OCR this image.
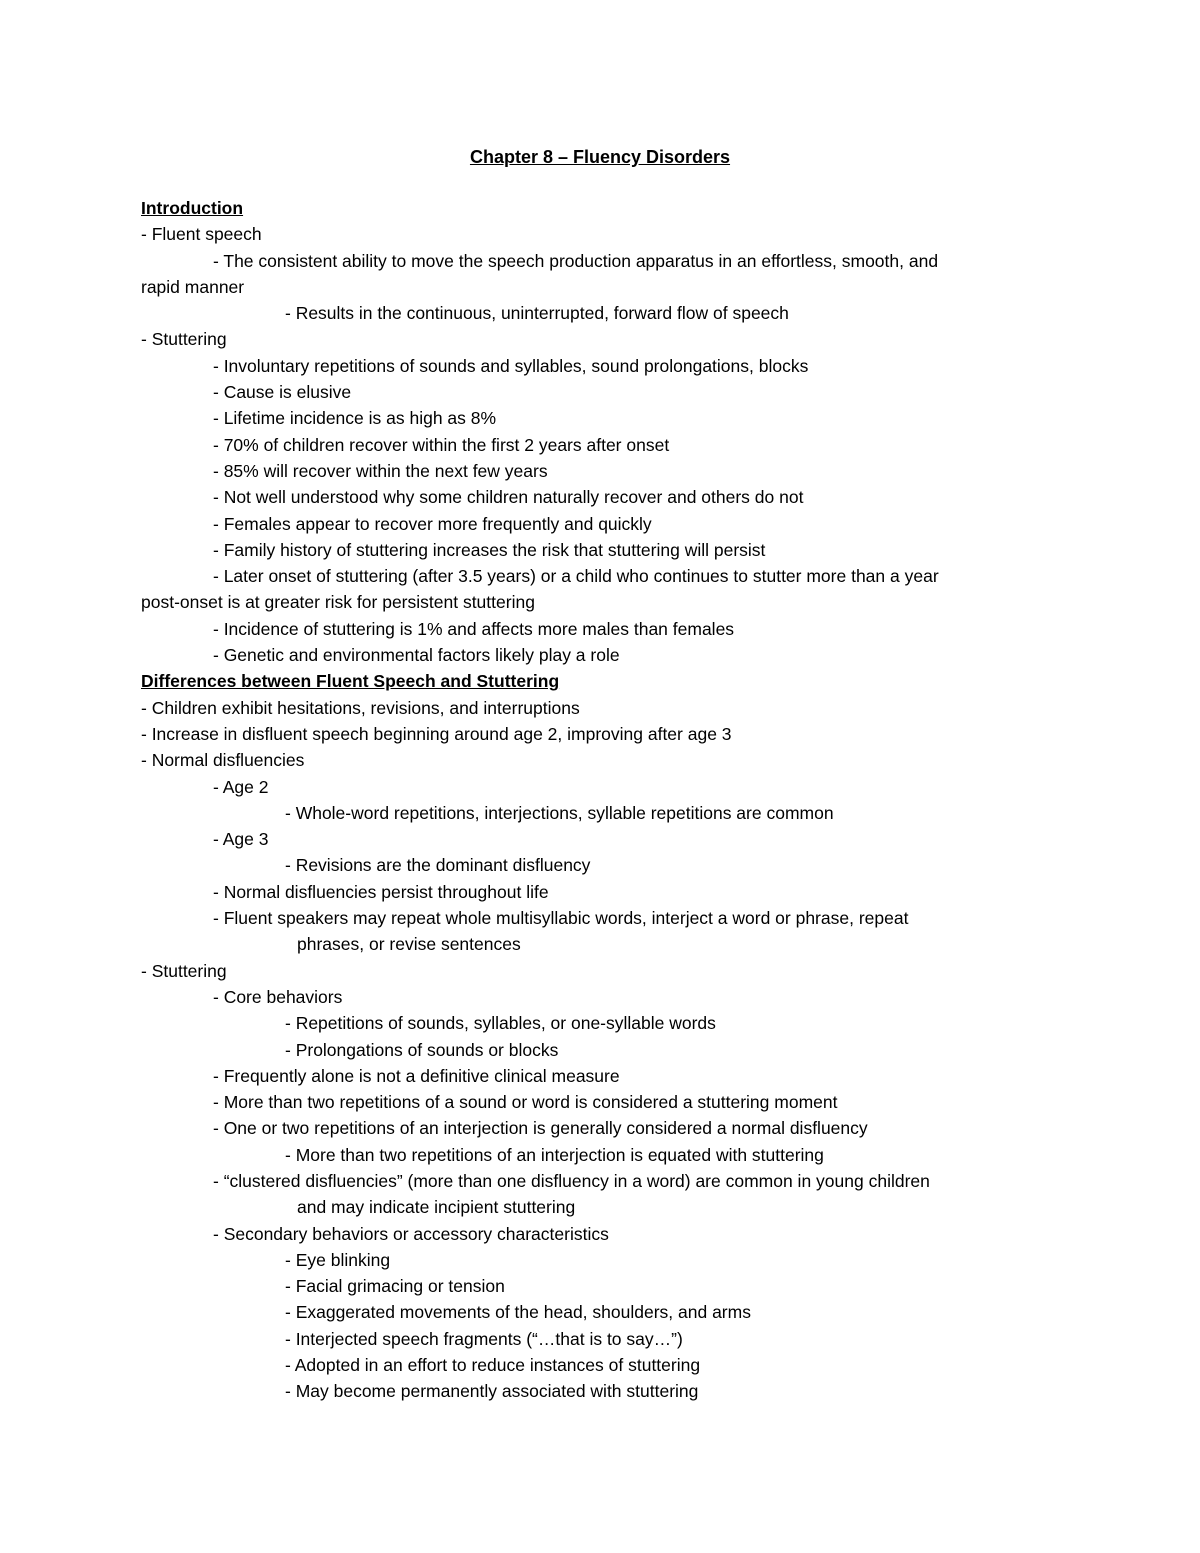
Chapter 8 – Fluency Disorders
Introduction
- Fluent speech
- The consistent ability to move the speech production apparatus in an effortless, smooth, and
rapid manner
- Results in the continuous, uninterrupted, forward flow of speech
- Stuttering
- Involuntary repetitions of sounds and syllables, sound prolongations, blocks
- Cause is elusive
- Lifetime incidence is as high as 8%
- 70% of children recover within the first 2 years after onset
- 85% will recover within the next few years
- Not well understood why some children naturally recover and others do not
- Females appear to recover more frequently and quickly
- Family history of stuttering increases the risk that stuttering will persist
- Later onset of stuttering (after 3.5 years) or a child who continues to stutter more than a year
post-onset is at greater risk for persistent stuttering
- Incidence of stuttering is 1% and affects more males than females
- Genetic and environmental factors likely play a role
Differences between Fluent Speech and Stuttering
- Children exhibit hesitations, revisions, and interruptions
- Increase in disfluent speech beginning around age 2, improving after age 3
- Normal disfluencies
- Age 2
- Whole-word repetitions, interjections, syllable repetitions are common
- Age 3
- Revisions are the dominant disfluency
- Normal disfluencies persist throughout life
- Fluent speakers may repeat whole multisyllabic words, interject a word or phrase, repeat
phrases, or revise sentences
- Stuttering
- Core behaviors
- Repetitions of sounds, syllables, or one-syllable words
- Prolongations of sounds or blocks
- Frequently alone is not a definitive clinical measure
- More than two repetitions of a sound or word is considered a stuttering moment
- One or two repetitions of an interjection is generally considered a normal disfluency
- More than two repetitions of an interjection is equated with stuttering
- “clustered disfluencies” (more than one disfluency in a word) are common in young children
and may indicate incipient stuttering
- Secondary behaviors or accessory characteristics
- Eye blinking
- Facial grimacing or tension
- Exaggerated movements of the head, shoulders, and arms
- Interjected speech fragments (“…that is to say…”)
- Adopted in an effort to reduce instances of stuttering
- May become permanently associated with stuttering
